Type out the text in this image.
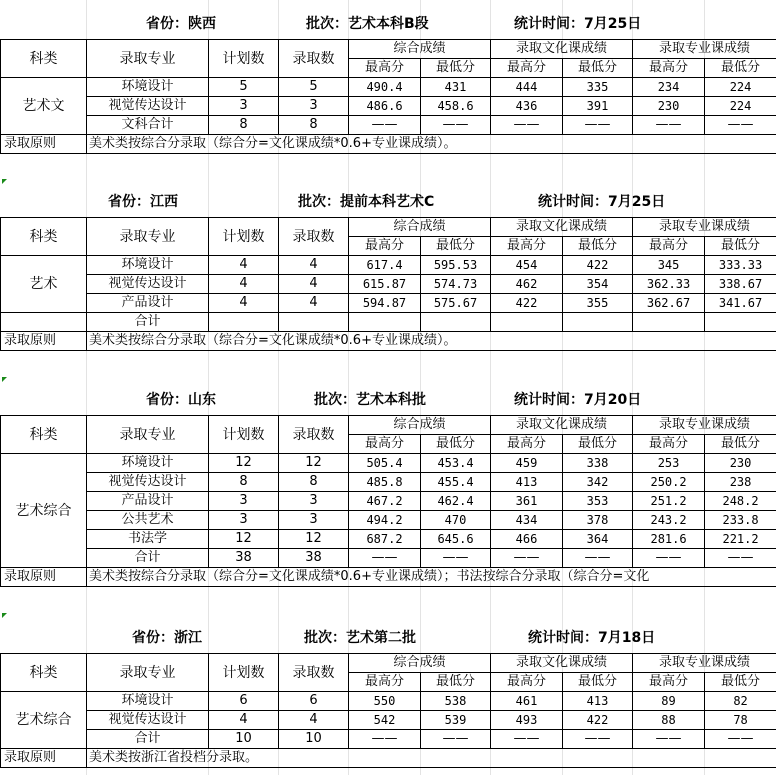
省份：陕西	批次：艺术本科B段	统计时间：7月25日
科类	录取专业	计划数	录取数	综合成绩		录取文化课成绩		录取专业课成绩	
				最高分	最低分	最高分	最低分	最高分	最低分
艺术文	环境设计	5	5	490.4	431	444	335	234	224
	视觉传达设计	3	3	486.6	458.6	436	391	230	224
	文科合计	8	8	——	——	——	——	——	——
录取原则	美术类按综合分录取（综合分=文化课成绩*0.6+专业课成绩）。								
省份：江西	批次：提前本科艺术C	统计时间：7月25日
科类	录取专业	计划数	录取数	综合成绩		录取文化课成绩		录取专业课成绩	
				最高分	最低分	最高分	最低分	最高分	最低分
艺术	环境设计	4	4	617.4	595.53	454	422	345	333.33
	视觉传达设计	4	4	615.87	574.73	462	354	362.33	338.67
	产品设计	4	4	594.87	575.67	422	355	362.67	341.67
	合计								
录取原则	美术类按综合分录取（综合分=文化课成绩*0.6+专业课成绩）。								
省份：山东	批次：艺术本科批	统计时间：7月20日
科类	录取专业	计划数	录取数	综合成绩		录取文化课成绩		录取专业课成绩	
				最高分	最低分	最高分	最低分	最高分	最低分
艺术综合	环境设计	12	12	505.4	453.4	459	338	253	230
	视觉传达设计	8	8	485.8	455.4	413	342	250.2	238
	产品设计	3	3	467.2	462.4	361	353	251.2	248.2
	公共艺术	3	3	494.2	470	434	378	243.2	233.8
	书法学	12	12	687.2	645.6	466	364	281.6	221.2
	合计	38	38	——	——	——	——	——	——
录取原则	美术类按综合分录取（综合分=文化课成绩*0.6+专业课成绩）；书法按综合分录取（综合分=文化								
省份：浙江	批次：艺术第二批	统计时间：7月18日
科类	录取专业	计划数	录取数	综合成绩		录取文化课成绩		录取专业课成绩	
				最高分	最低分	最高分	最低分	最高分	最低分
艺术综合	环境设计	6	6	550	538	461	413	89	82
	视觉传达设计	4	4	542	539	493	422	88	78
	合计	10	10	——	——	——	——	——	——
录取原则	美术类按浙江省投档分录取。								
